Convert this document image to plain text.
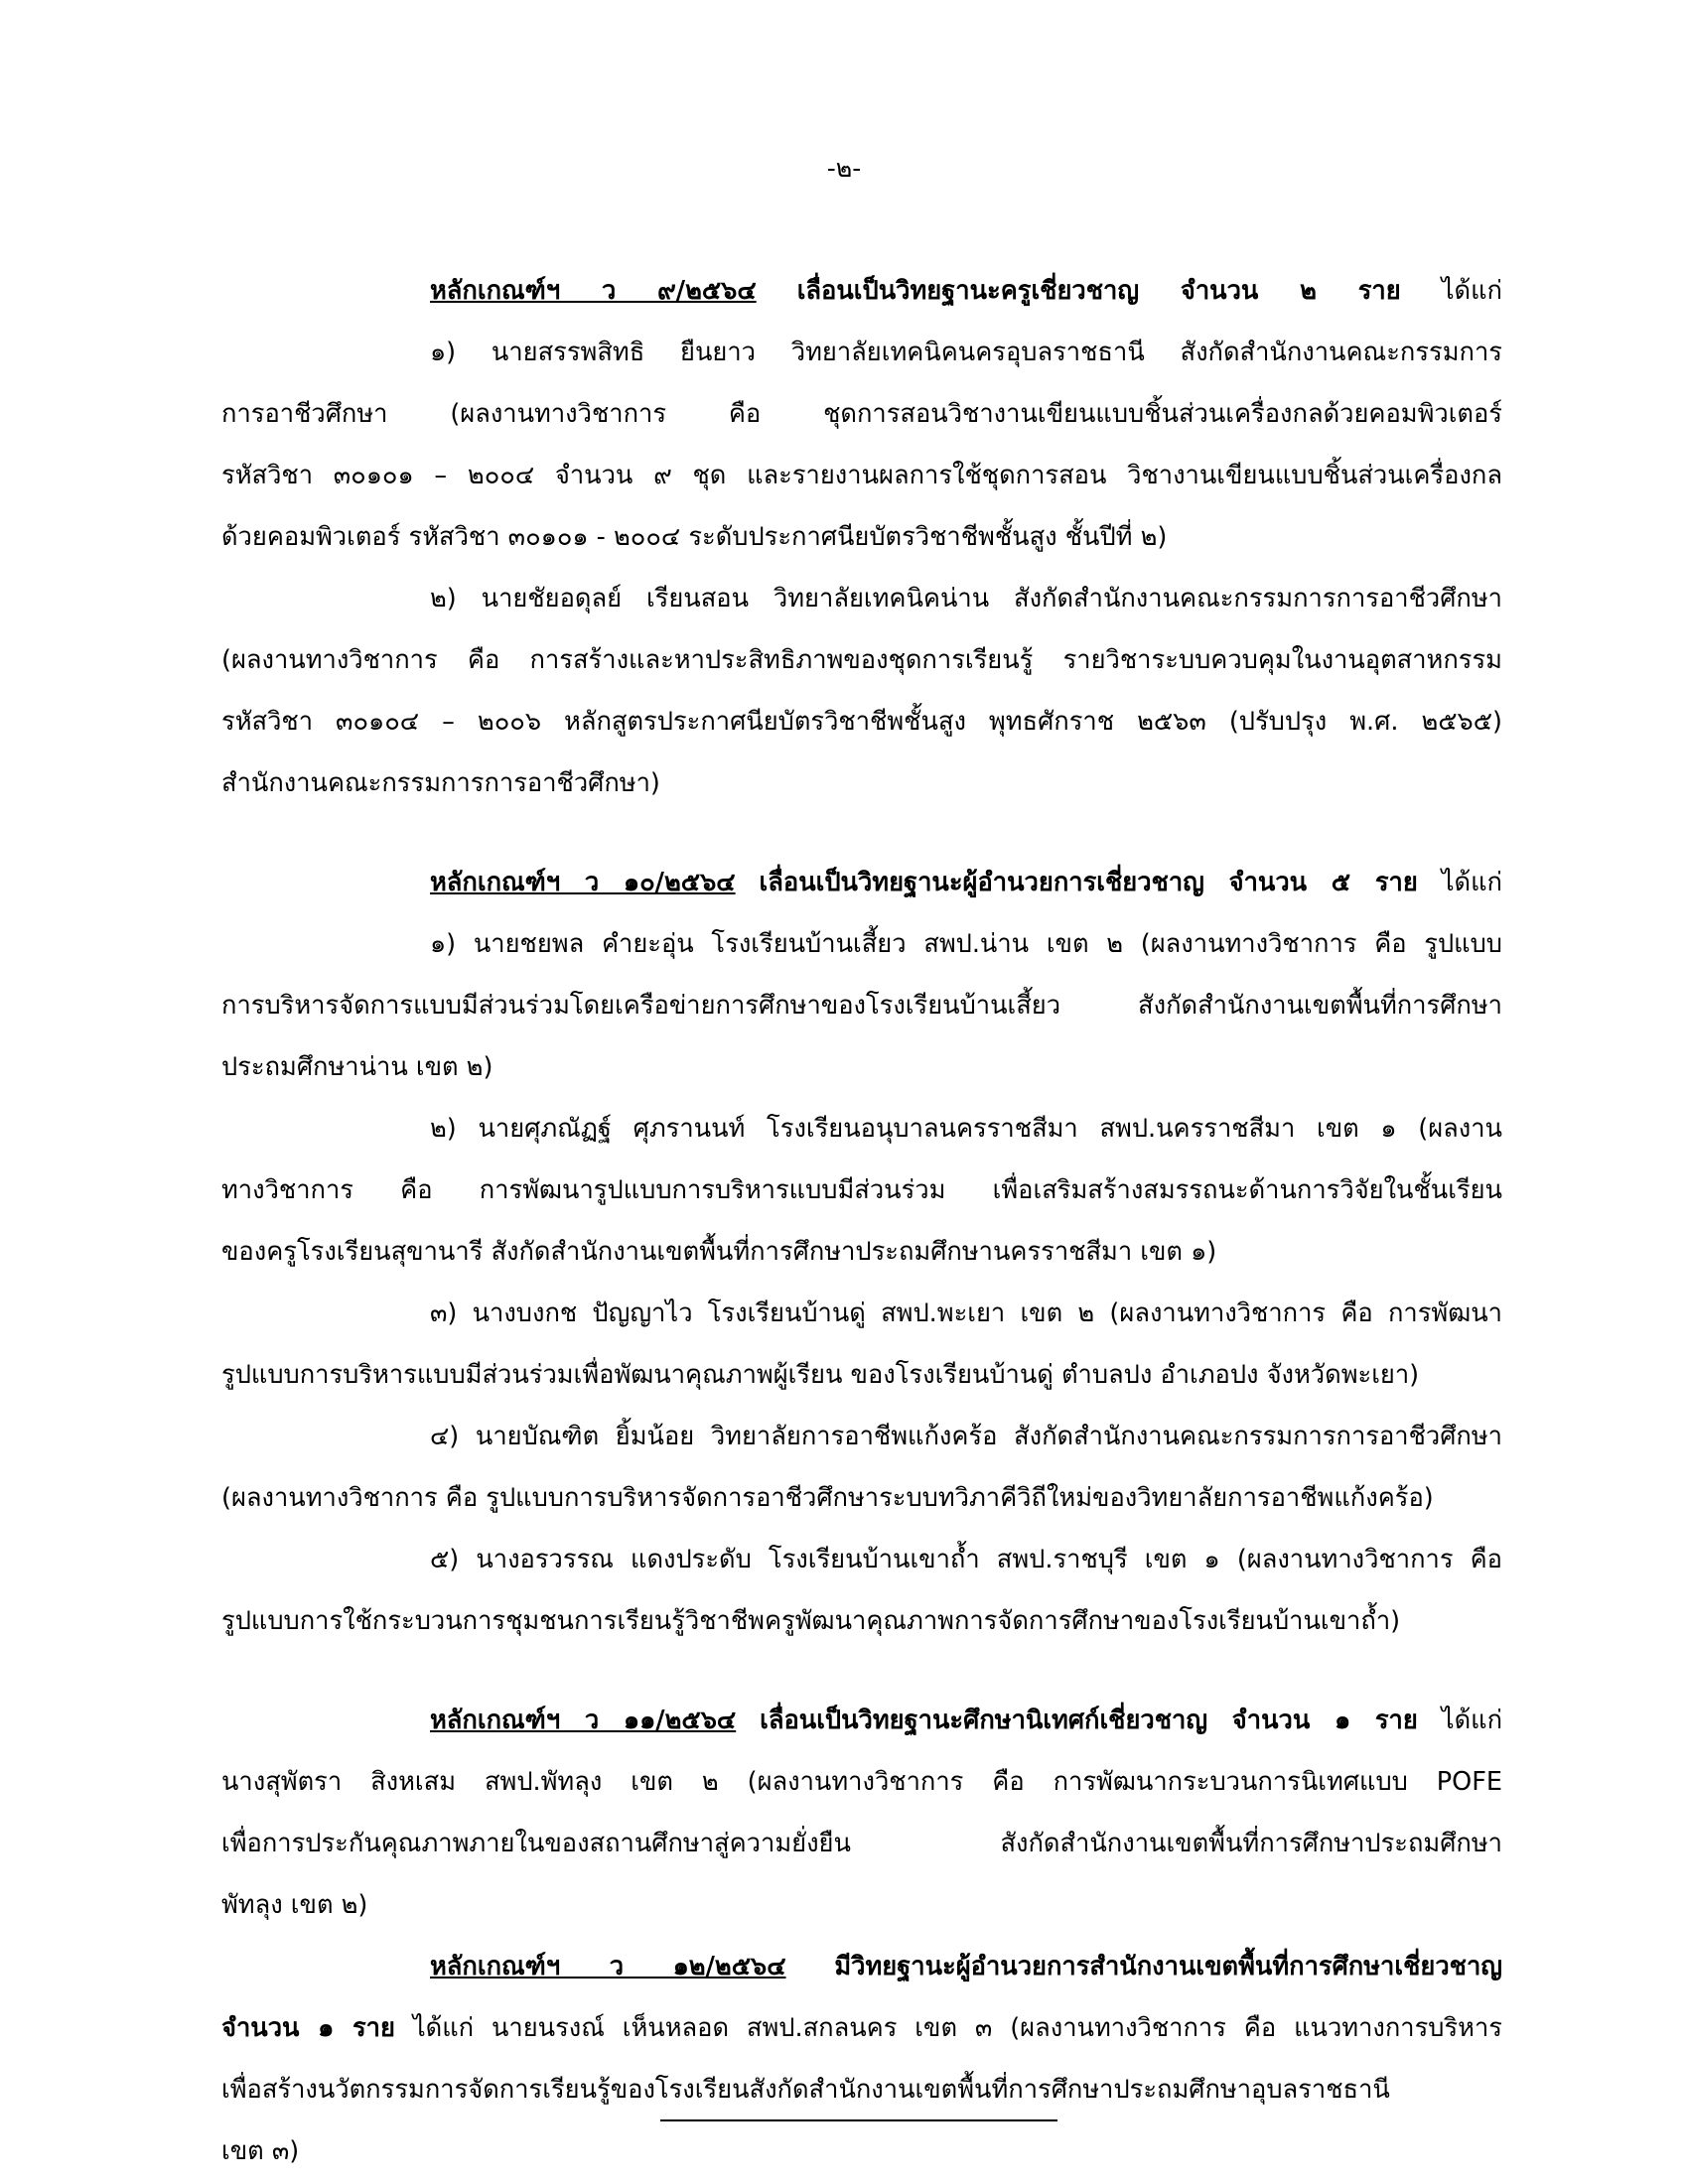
-๒-

หลักเกณฑ์ฯ ว ๙/๒๕๖๔ เลื่อนเป็นวิทยฐานะครูเชี่ยวชาญ จำนวน ๒ ราย ได้แก่

๑) นายสรรพสิทธิ ยืนยาว วิทยาลัยเทคนิคนครอุบลราชธานี สังกัดสำนักงานคณะกรรมการ

การอาชีวศึกษา (ผลงานทางวิชาการ คือ ชุดการสอนวิชางานเขียนแบบชิ้นส่วนเครื่องกลด้วยคอมพิวเตอร์

รหัสวิชา ๓๐๑๐๑ – ๒๐๐๔ จำนวน ๙ ชุด และรายงานผลการใช้ชุดการสอน วิชางานเขียนแบบชิ้นส่วนเครื่องกล

ด้วยคอมพิวเตอร์ รหัสวิชา ๓๐๑๐๑ - ๒๐๐๔ ระดับประกาศนียบัตรวิชาชีพชั้นสูง ชั้นปีที่ ๒)

๒) นายชัยอดุลย์ เรียนสอน วิทยาลัยเทคนิคน่าน สังกัดสำนักงานคณะกรรมการการอาชีวศึกษา

(ผลงานทางวิชาการ คือ การสร้างและหาประสิทธิภาพของชุดการเรียนรู้ รายวิชาระบบควบคุมในงานอุตสาหกรรม

รหัสวิชา ๓๐๑๐๔ – ๒๐๐๖ หลักสูตรประกาศนียบัตรวิชาชีพชั้นสูง พุทธศักราช ๒๕๖๓ (ปรับปรุง พ.ศ. ๒๕๖๕)

สำนักงานคณะกรรมการการอาชีวศึกษา)

หลักเกณฑ์ฯ ว ๑๐/๒๕๖๔ เลื่อนเป็นวิทยฐานะผู้อำนวยการเชี่ยวชาญ จำนวน ๕ ราย ได้แก่

๑) นายชยพล คำยะอุ่น โรงเรียนบ้านเสี้ยว สพป.น่าน เขต ๒ (ผลงานทางวิชาการ คือ รูปแบบ

การบริหารจัดการแบบมีส่วนร่วมโดยเครือข่ายการศึกษาของโรงเรียนบ้านเสี้ยว สังกัดสำนักงานเขตพื้นที่การศึกษา

ประถมศึกษาน่าน เขต ๒)

๒) นายศุภณัฏฐ์ ศุภรานนท์ โรงเรียนอนุบาลนครราชสีมา สพป.นครราชสีมา เขต ๑ (ผลงาน

ทางวิชาการ คือ การพัฒนารูปแบบการบริหารแบบมีส่วนร่วม เพื่อเสริมสร้างสมรรถนะด้านการวิจัยในชั้นเรียน

ของครูโรงเรียนสุขานารี สังกัดสำนักงานเขตพื้นที่การศึกษาประถมศึกษานครราชสีมา เขต ๑)

๓) นางบงกช ปัญญาไว โรงเรียนบ้านดู่ สพป.พะเยา เขต ๒ (ผลงานทางวิชาการ คือ การพัฒนา

รูปแบบการบริหารแบบมีส่วนร่วมเพื่อพัฒนาคุณภาพผู้เรียน ของโรงเรียนบ้านดู่ ตำบลปง อำเภอปง จังหวัดพะเยา)

๔) นายบัณฑิต ยิ้มน้อย วิทยาลัยการอาชีพแก้งคร้อ สังกัดสำนักงานคณะกรรมการการอาชีวศึกษา

(ผลงานทางวิชาการ คือ รูปแบบการบริหารจัดการอาชีวศึกษาระบบทวิภาคีวิถีใหม่ของวิทยาลัยการอาชีพแก้งคร้อ)

๕) นางอรวรรณ แดงประดับ โรงเรียนบ้านเขาถ้ำ สพป.ราชบุรี เขต ๑ (ผลงานทางวิชาการ คือ

รูปแบบการใช้กระบวนการชุมชนการเรียนรู้วิชาชีพครูพัฒนาคุณภาพการจัดการศึกษาของโรงเรียนบ้านเขาถ้ำ)

หลักเกณฑ์ฯ ว ๑๑/๒๕๖๔ เลื่อนเป็นวิทยฐานะศึกษานิเทศก์เชี่ยวชาญ จำนวน ๑ ราย ได้แก่

นางสุพัตรา สิงหเสม สพป.พัทลุง เขต ๒ (ผลงานทางวิชาการ คือ การพัฒนากระบวนการนิเทศแบบ POFE

เพื่อการประกันคุณภาพภายในของสถานศึกษาสู่ความยั่งยืน สังกัดสำนักงานเขตพื้นที่การศึกษาประถมศึกษา

พัทลุง เขต ๒)

หลักเกณฑ์ฯ ว ๑๒/๒๕๖๔ มีวิทยฐานะผู้อำนวยการสำนักงานเขตพื้นที่การศึกษาเชี่ยวชาญ

จำนวน ๑ ราย ได้แก่ นายนรงณ์ เห็นหลอด สพป.สกลนคร เขต ๓ (ผลงานทางวิชาการ คือ แนวทางการบริหาร

เพื่อสร้างนวัตกรรมการจัดการเรียนรู้ของโรงเรียนสังกัดสำนักงานเขตพื้นที่การศึกษาประถมศึกษาอุบลราชธานี

เขต ๓)
